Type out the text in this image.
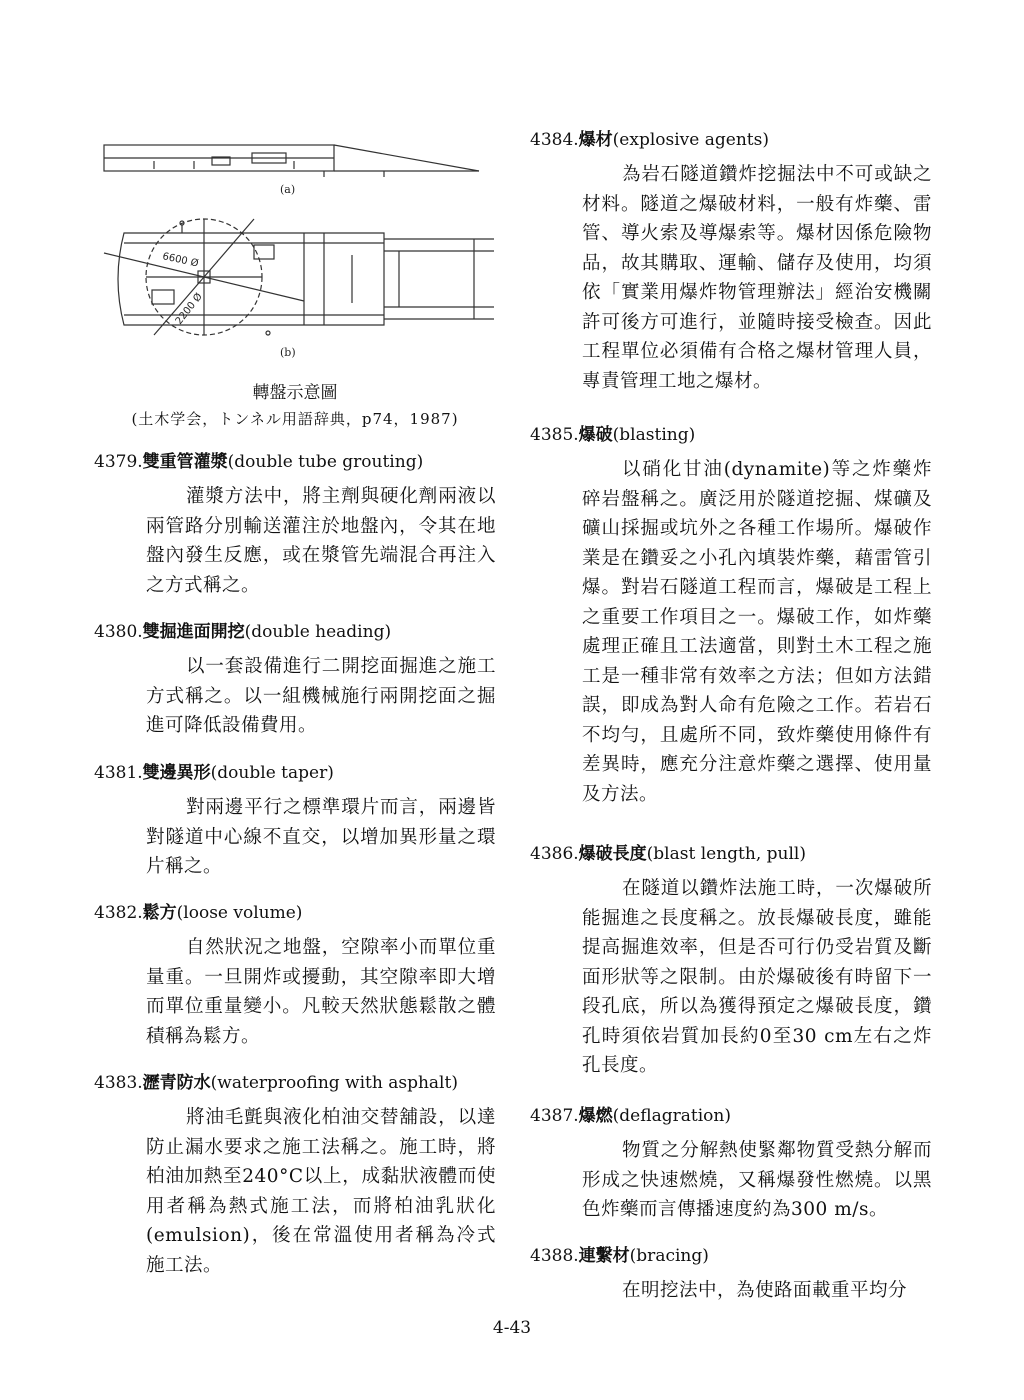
(a)
(b)
6600 Ø
2200 Ø
轉盤示意圖
(土木学会，トンネル用語辞典，p74，1987)

4379.雙重管灌漿(double tube grouting)

灌漿方法中，將主劑與硬化劑兩液以兩管路分別輸送灌注於地盤內，令其在地盤內發生反應，或在漿管先端混合再注入之方式稱之。

4380.雙掘進面開挖(double heading)

以一套設備進行二開挖面掘進之施工方式稱之。以一組機械施行兩開挖面之掘進可降低設備費用。

4381.雙邊異形(double taper)

對兩邊平行之標準環片而言，兩邊皆對隧道中心線不直交，以增加異形量之環片稱之。

4382.鬆方(loose volume)

自然狀況之地盤，空隙率小而單位重量重。一旦開炸或擾動，其空隙率即大增而單位重量變小。凡較天然狀態鬆散之體積稱為鬆方。

4383.瀝青防水(waterproofing with asphalt)

將油毛氈與液化柏油交替舖設，以達防止漏水要求之施工法稱之。施工時，將柏油加熱至240°C以上，成黏狀液體而使用者稱為熱式施工法，而將柏油乳狀化(emulsion)，後在常溫使用者稱為冷式施工法。

4384.爆材(explosive agents)

為岩石隧道鑽炸挖掘法中不可或缺之材料。隧道之爆破材料，一般有炸藥、雷管、導火索及導爆索等。爆材因係危險物品，故其購取、運輸、儲存及使用，均須依「實業用爆炸物管理辦法」經治安機關許可後方可進行，並隨時接受檢查。因此工程單位必須備有合格之爆材管理人員，專責管理工地之爆材。

4385.爆破(blasting)

以硝化甘油(dynamite)等之炸藥炸碎岩盤稱之。廣泛用於隧道挖掘、煤礦及礦山採掘或坑外之各種工作場所。爆破作業是在鑽妥之小孔內填裝炸藥，藉雷管引爆。對岩石隧道工程而言，爆破是工程上之重要工作項目之一。爆破工作，如炸藥處理正確且工法適當，則對土木工程之施工是一種非常有效率之方法；但如方法錯誤，即成為對人命有危險之工作。若岩石不均勻，且處所不同，致炸藥使用條件有差異時，應充分注意炸藥之選擇、使用量及方法。

4386.爆破長度(blast length, pull)

在隧道以鑽炸法施工時，一次爆破所能掘進之長度稱之。放長爆破長度，雖能提高掘進效率，但是否可行仍受岩質及斷面形狀等之限制。由於爆破後有時留下一段孔底，所以為獲得預定之爆破長度，鑽孔時須依岩質加長約0至30 cm左右之炸孔長度。

4387.爆燃(deflagration)

物質之分解熱使緊鄰物質受熱分解而形成之快速燃燒，又稱爆發性燃燒。以黑色炸藥而言傳播速度約為300 m/s。

4388.連繫材(bracing)

在明挖法中，為使路面載重平均分

4-43
